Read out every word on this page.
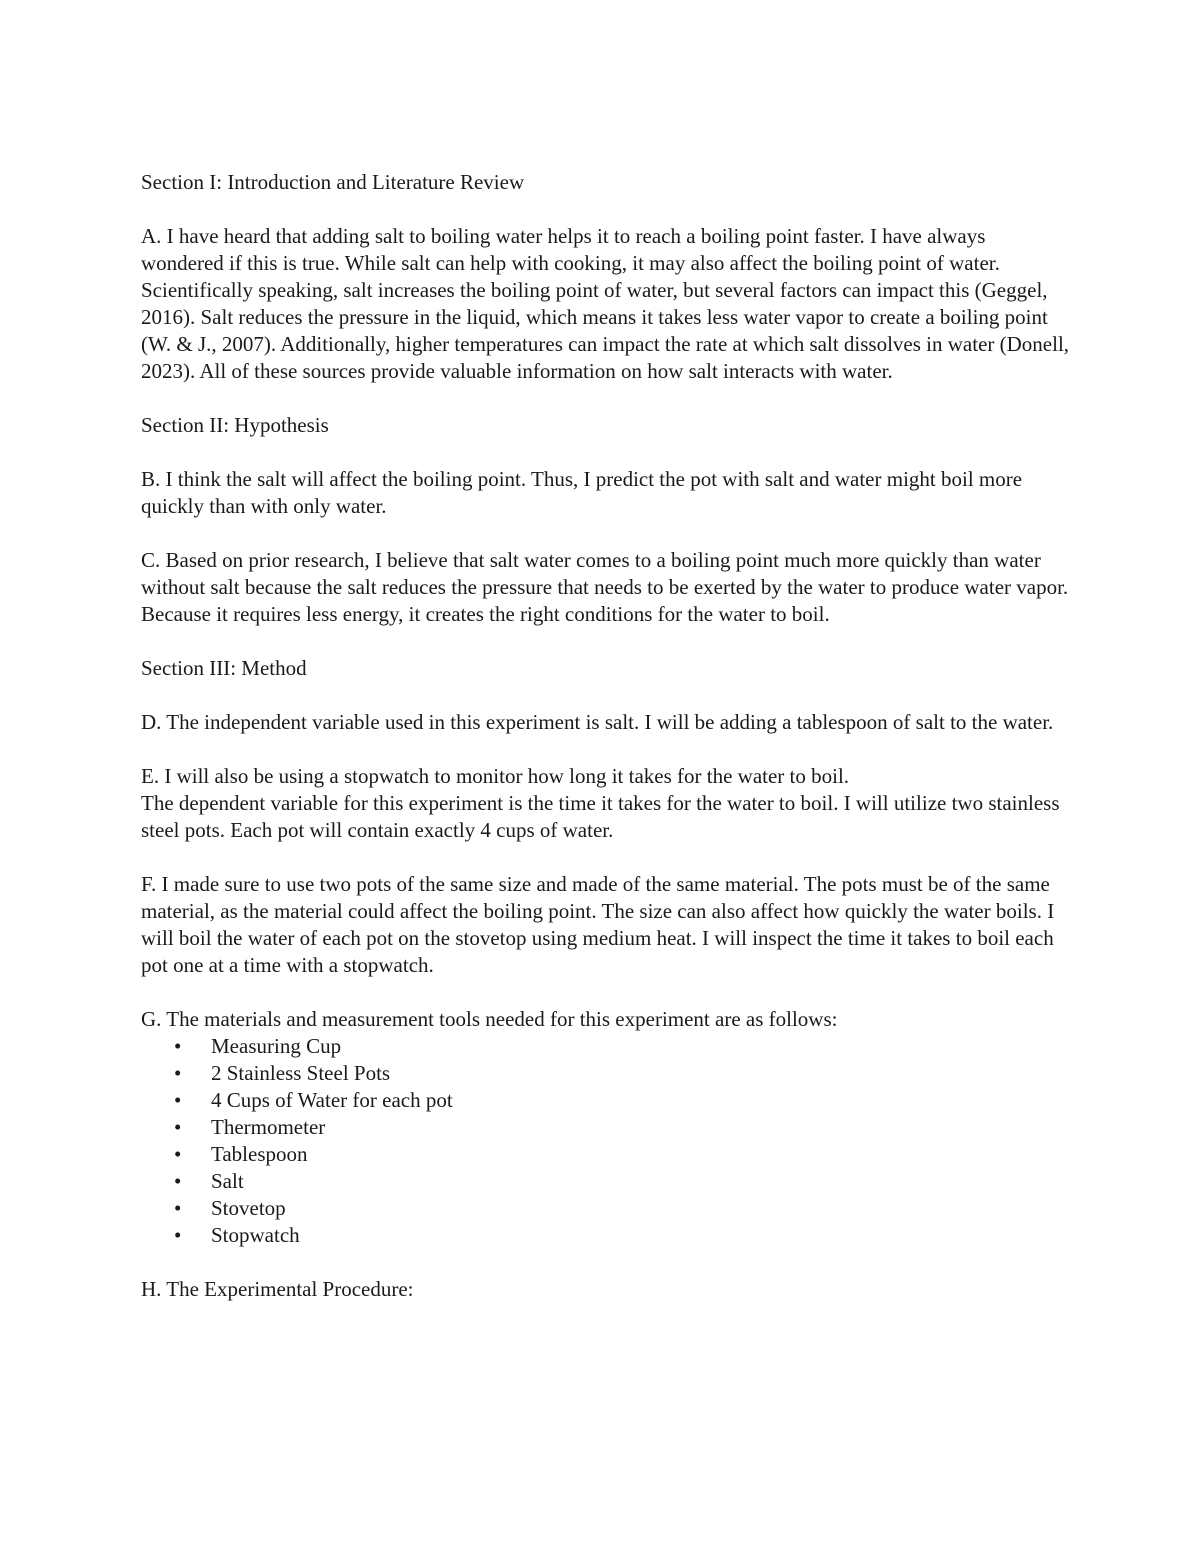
Section I: Introduction and Literature Review

A. I have heard that adding salt to boiling water helps it to reach a boiling point faster. I have always wondered if this is true. While salt can help with cooking, it may also affect the boiling point of water. Scientifically speaking, salt increases the boiling point of water, but several factors can impact this (Geggel, 2016). Salt reduces the pressure in the liquid, which means it takes less water vapor to create a boiling point (W. & J., 2007). Additionally, higher temperatures can impact the rate at which salt dissolves in water (Donell, 2023). All of these sources provide valuable information on how salt interacts with water.

Section II: Hypothesis

B. I think the salt will affect the boiling point. Thus, I predict the pot with salt and water might boil more quickly than with only water.

C. Based on prior research, I believe that salt water comes to a boiling point much more quickly than water without salt because the salt reduces the pressure that needs to be exerted by the water to produce water vapor. Because it requires less energy, it creates the right conditions for the water to boil.

Section III: Method

D. The independent variable used in this experiment is salt. I will be adding a tablespoon of salt to the water.

E. I will also be using a stopwatch to monitor how long it takes for the water to boil.

The dependent variable for this experiment is the time it takes for the water to boil. I will utilize two stainless steel pots. Each pot will contain exactly 4 cups of water.

F. I made sure to use two pots of the same size and made of the same material. The pots must be of the same material, as the material could affect the boiling point. The size can also affect how quickly the water boils. I will boil the water of each pot on the stovetop using medium heat. I will inspect the time it takes to boil each pot one at a time with a stopwatch.

G. The materials and measurement tools needed for this experiment are as follows:

• Measuring Cup
• 2 Stainless Steel Pots
• 4 Cups of Water for each pot
• Thermometer
• Tablespoon
• Salt
• Stovetop
• Stopwatch

H. The Experimental Procedure:
